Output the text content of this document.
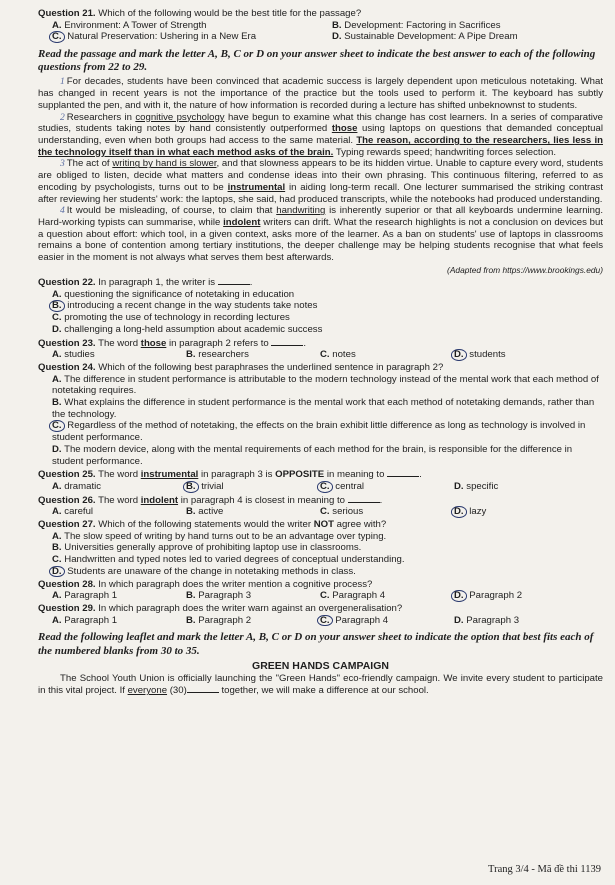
Question 21. Which of the following would be the best title for the passage?
A. Environment: A Tower of Strength	B. Development: Factoring in Sacrifices
C. Natural Preservation: Ushering in a New Era	D. Sustainable Development: A Pipe Dream
Read the passage and mark the letter A, B, C or D on your answer sheet to indicate the best answer to each of the following questions from 22 to 29.
1 For decades, students have been convinced that academic success is largely dependent upon meticulous notetaking. What has changed in recent years is not the importance of the practice but the tools used to perform it. The keyboard has subtly supplanted the pen, and with it, the nature of how information is recorded during a lecture has shifted unbeknownst to students.
2 Researchers in cognitive psychology have begun to examine what this change has cost learners. In a series of comparative studies, students taking notes by hand consistently outperformed those using laptops on questions that demanded conceptual understanding, even when both groups had access to the same material. The reason, according to the researchers, lies less in the technology itself than in what each method asks of the brain. Typing rewards speed; handwriting forces selection.
3 The act of writing by hand is slower, and that slowness appears to be its hidden virtue. Unable to capture every word, students are obliged to listen, decide what matters and condense ideas into their own phrasing. This continuous filtering, referred to as encoding by psychologists, turns out to be instrumental in aiding long-term recall. One lecturer summarised the striking contrast after reviewing her students' work: the laptops, she said, had produced transcripts, while the notebooks had produced understanding.
4 It would be misleading, of course, to claim that handwriting is inherently superior or that all keyboards undermine learning. Hard-working typists can summarise, while indolent writers can drift. What the research highlights is not a conclusion on devices but a question about effort: which tool, in a given context, asks more of the learner. As a ban on students' use of laptops in classrooms remains a bone of contention among tertiary institutions, the deeper challenge may be helping students recognise that what feels easier in the moment is not always what serves them best afterwards.
(Adapted from https://www.brookings.edu)
Question 22. In paragraph 1, the writer is	.
A. questioning the significance of notetaking in education
B. introducing a recent change in the way students take notes
C. promoting the use of technology in recording lectures
D. challenging a long-held assumption about academic success
Question 23. The word those in paragraph 2 refers to	.
A. studies	B. researchers	C. notes	D. students
Question 24. Which of the following best paraphrases the underlined sentence in paragraph 2?
A. The difference in student performance is attributable to the modern technology instead of the mental work that each method of notetaking requires.
B. What explains the difference in student performance is the mental work that each method of notetaking demands, rather than the technology.
C. Regardless of the method of notetaking, the effects on the brain exhibit little difference as long as technology is involved in student performance.
D. The modern device, along with the mental requirements of each method for the brain, is responsible for the difference in student performance.
Question 25. The word instrumental in paragraph 3 is OPPOSITE in meaning to	.
A. dramatic	B. trivial	C. central	D. specific
Question 26. The word indolent in paragraph 4 is closest in meaning to	.
A. careful	B. active	C. serious	D. lazy
Question 27. Which of the following statements would the writer NOT agree with?
A. The slow speed of writing by hand turns out to be an advantage over typing.
B. Universities generally approve of prohibiting laptop use in classrooms.
C. Handwritten and typed notes led to varied degrees of conceptual understanding.
D. Students are unaware of the change in notetaking methods in class.
Question 28. In which paragraph does the writer mention a cognitive process?
A. Paragraph 1	B. Paragraph 3	C. Paragraph 4	D. Paragraph 2
Question 29. In which paragraph does the writer warn against an overgeneralisation?
A. Paragraph 1	B. Paragraph 2	C. Paragraph 4	D. Paragraph 3
Read the following leaflet and mark the letter A, B, C or D on your answer sheet to indicate the option that best fits each of the numbered blanks from 30 to 35.
GREEN HANDS CAMPAIGN
The School Youth Union is officially launching the "Green Hands" eco-friendly campaign. We invite every student to participate in this vital project. If everyone (30)	together, we will make a difference at our school.
Trang 3/4 - Mã đề thi 1139
